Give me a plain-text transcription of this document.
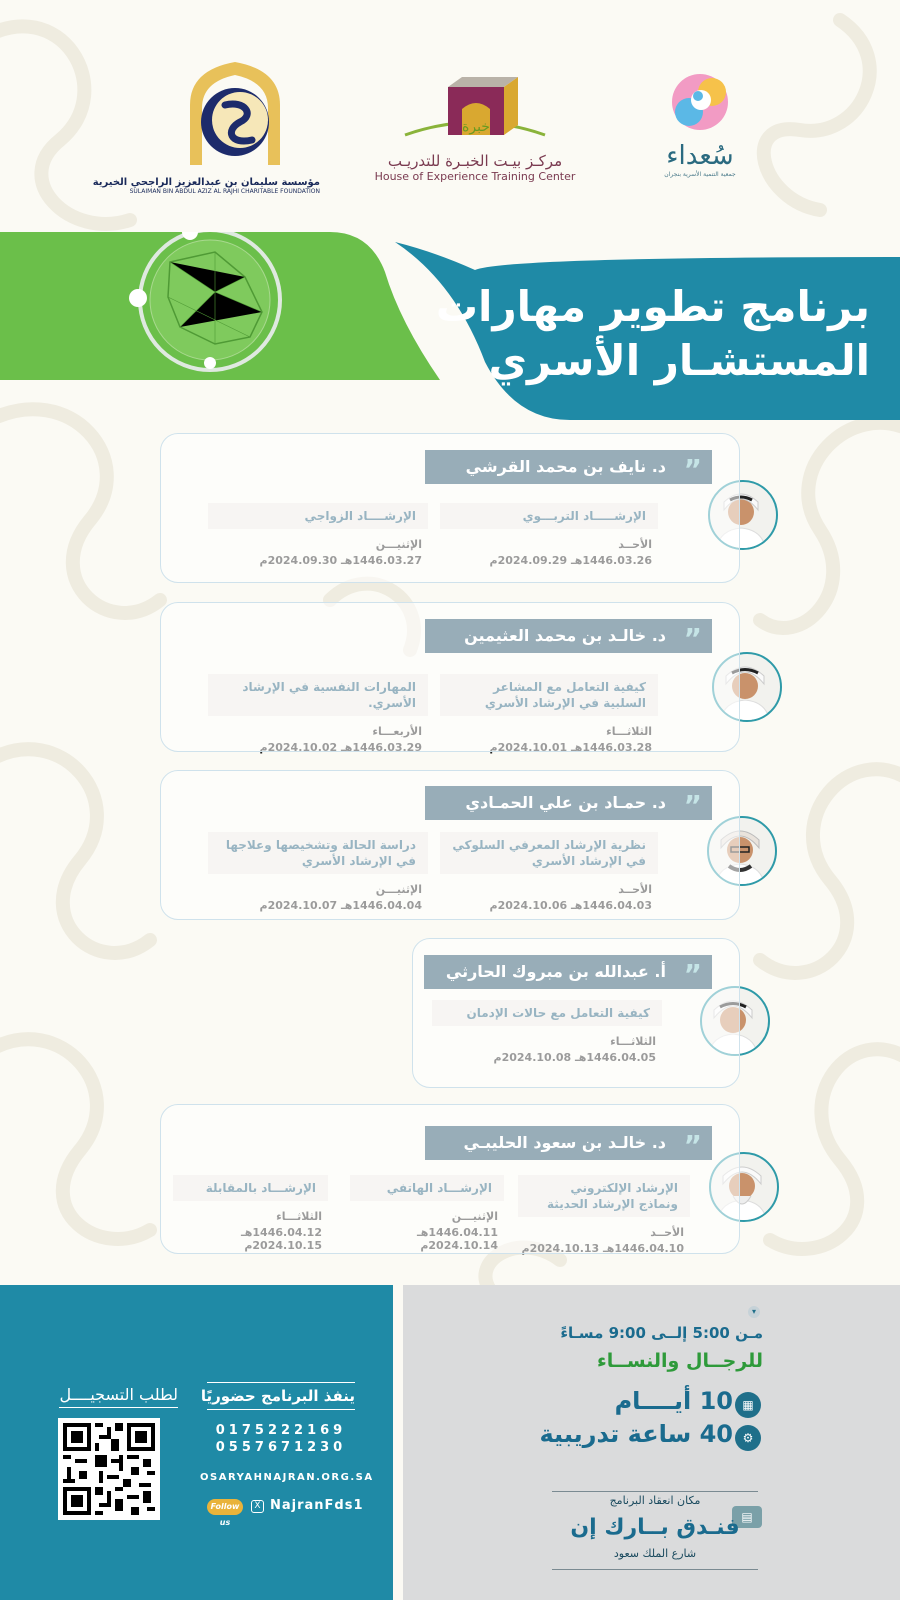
مؤسسة سليمان بن عبدالعزيز الراجحي الخيرية
SULAIMAN BIN ABDUL AZIZ AL RAJHI CHARITABLE FOUNDATION
خبرة
مركـز بيـت الخبـرة للتدريـب
House of Experience Training Center
سُعداء
جمعية التنمية الأسرية بنجران
برنامج تطوير مهارات
المستشـار الأسري
▾
مـن 5:00 إلــى 9:00 مسـاءً
للرجــال والنســاء
▦
10 أيــــام
⚙
40 ساعة تدريبية
مكان انعقاد البرنامج
▤
فنـدق بــارك إن
شارع الملك سعود
لطلب التسجيــــل ينفذ البرنامج حضوريًا
0175222169
0557671230
OSARYAHNAJRAN.ORG.SA
Follow us
X NajranFds1
